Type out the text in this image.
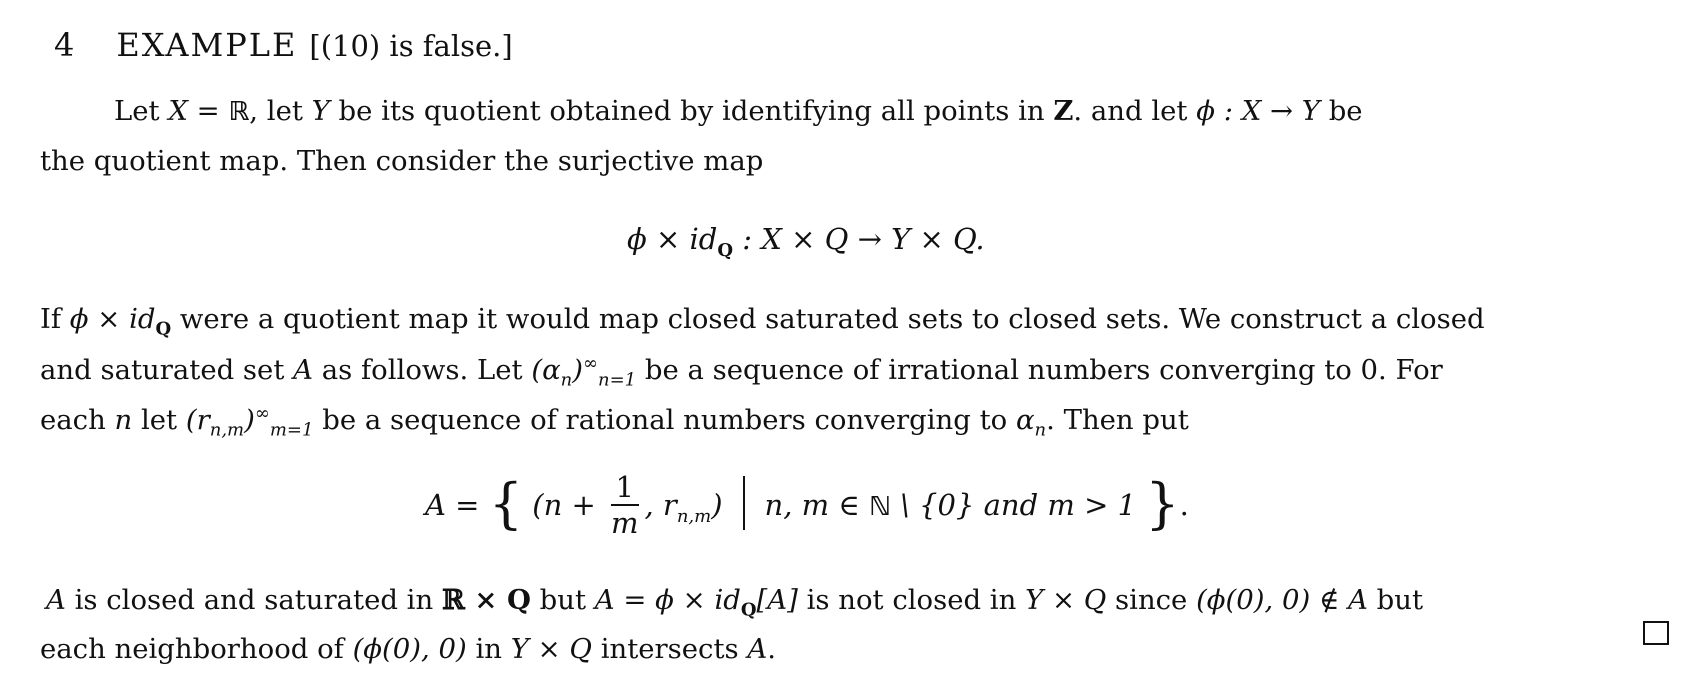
4 EXAMPLE [(10) is false.]
Let X = ℝ, let Y be its quotient obtained by identifying all points in Z. and let ϕ : X → Y be
the quotient map. Then consider the surjective map
$\phi \times id_Q$ : X × Q → Y × Q.
If $\phi \times id_Q$ were a quotient map it would map closed saturated sets to closed sets. We construct a closed
and saturated set A as follows. Let $(\alpha_n)^\infty_{n=1}$ be a sequence of irrational numbers converging to 0. For
each n let $(r_{n,m})^\infty_{m=1}$ be a sequence of rational numbers converging to $\alpha_n$. Then put
A = { ($n + \frac{1}{m}$ , $r_{n,m}$) n, m ∈ ℕ \ {0} and m > 1 }.
A is closed and saturated in ℝ × Q but $A = \phi \times id_Q[A]$ is not closed in Y × Q since (ϕ(0), 0) ∉ A but
each neighborhood of (ϕ(0), 0) in Y × Q intersects A.
